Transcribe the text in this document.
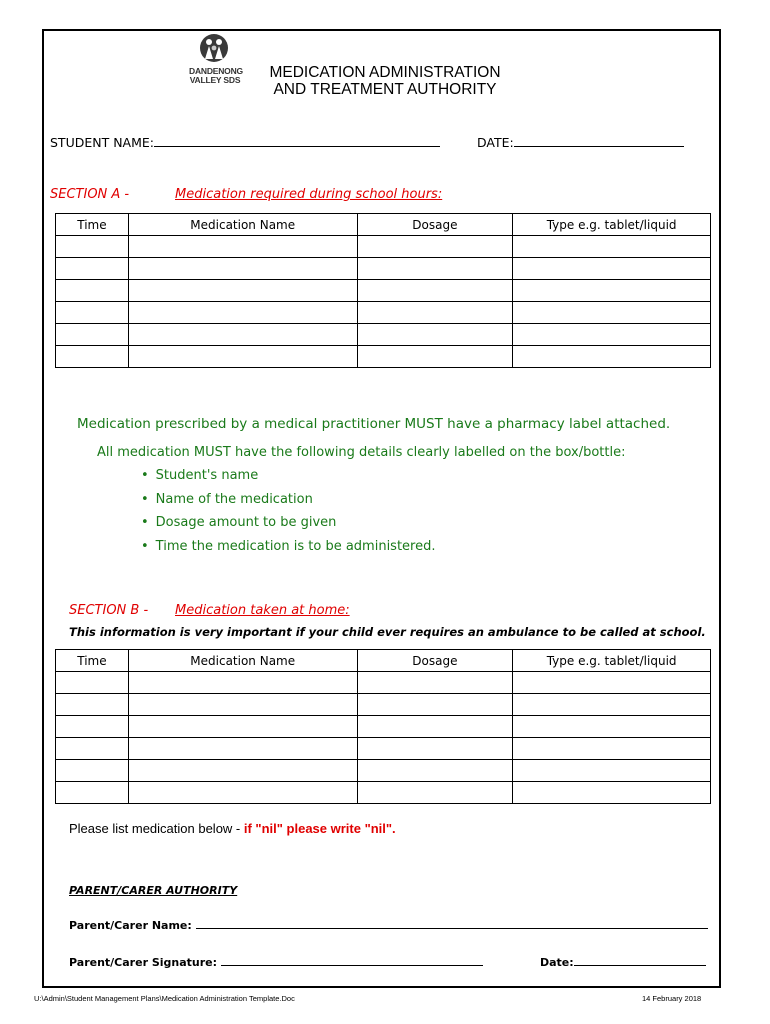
DANDENONG
VALLEY SDS	MEDICATION ADMINISTRATION
AND TREATMENT AUTHORITY
STUDENT NAME:	DATE:
SECTION A -	Medication required during school hours:
Time	Medication Name	Dosage	Type e.g. tablet/liquid

Medication prescribed by a medical practitioner MUST have a pharmacy label attached.
All medication MUST have the following details clearly labelled on the box/bottle:
• Student's name
• Name of the medication
• Dosage amount to be given
• Time the medication is to be administered.
SECTION B - Medication taken at home:
This information is very important if your child ever requires an ambulance to be called at school.
Time	Medication Name	Dosage	Type e.g. tablet/liquid

Please list medication below - if "nil" please write "nil".
PARENT/CARER AUTHORITY
Parent/Carer Name:
Parent/Carer Signature:	Date:
U:\Admin\Student Management Plans\Medication Administration Template.Doc	14 February 2018
